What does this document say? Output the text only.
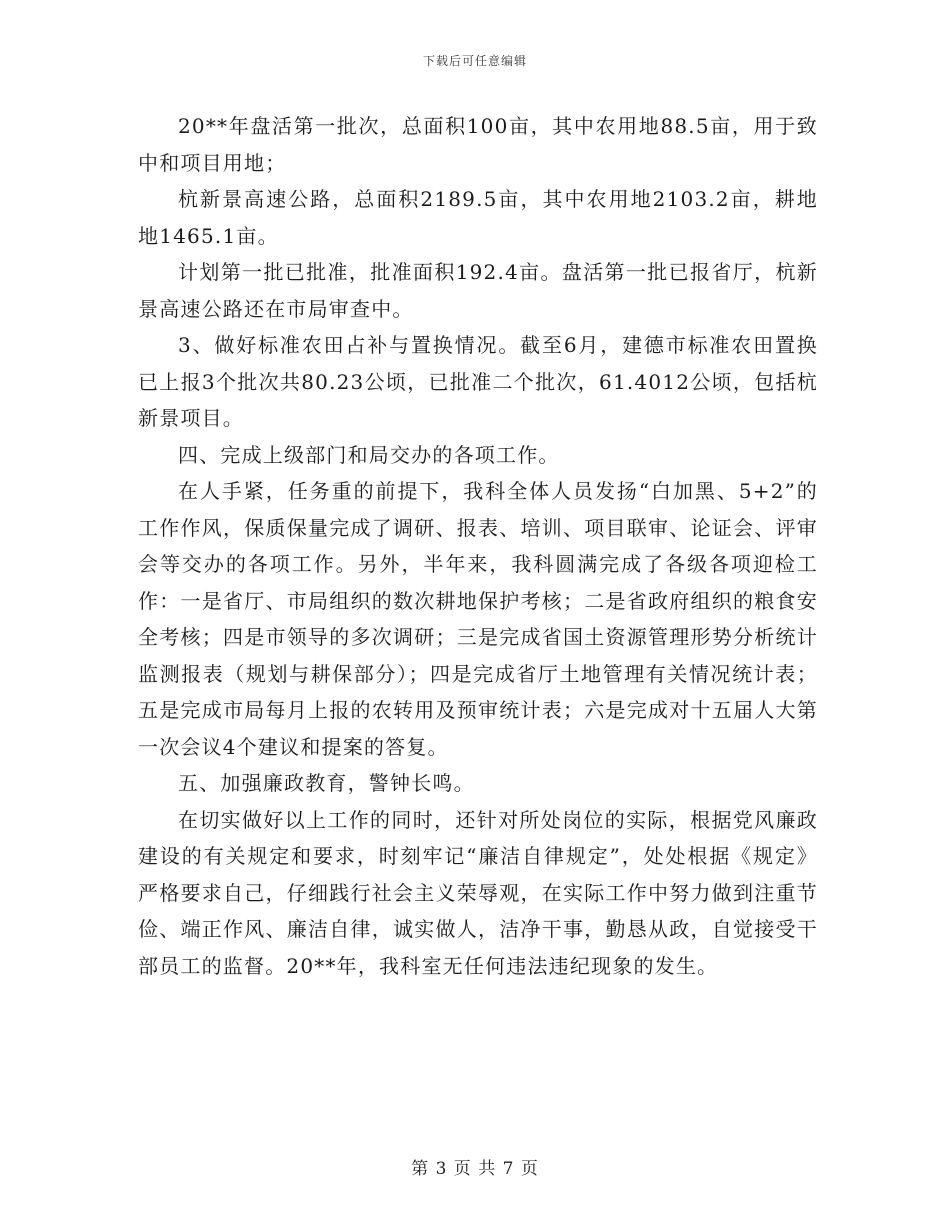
下载后可任意编辑

20**年盘活第一批次，总面积100亩，其中农用地88.5亩，用于致中和项目用地；

杭新景高速公路，总面积2189.5亩，其中农用地2103.2亩，耕地地1465.1亩。

计划第一批已批准，批准面积192.4亩。盘活第一批已报省厅，杭新景高速公路还在市局审查中。

3、做好标准农田占补与置换情况。截至6月，建德市标准农田置换已上报3个批次共80.23公顷，已批准二个批次，61.4012公顷，包括杭新景项目。

四、完成上级部门和局交办的各项工作。

在人手紧，任务重的前提下，我科全体人员发扬“白加黑、5+2”的工作作风，保质保量完成了调研、报表、培训、项目联审、论证会、评审会等交办的各项工作。另外，半年来，我科圆满完成了各级各项迎检工作：一是省厅、市局组织的数次耕地保护考核；二是省政府组织的粮食安全考核；四是市领导的多次调研；三是完成省国土资源管理形势分析统计监测报表（规划与耕保部分）；四是完成省厅土地管理有关情况统计表；五是完成市局每月上报的农转用及预审统计表；六是完成对十五届人大第一次会议4个建议和提案的答复。

五、加强廉政教育，警钟长鸣。

在切实做好以上工作的同时，还针对所处岗位的实际，根据党风廉政建设的有关规定和要求，时刻牢记“廉洁自律规定”，处处根据《规定》严格要求自己，仔细践行社会主义荣辱观，在实际工作中努力做到注重节俭、端正作风、廉洁自律，诚实做人，洁净干事，勤恳从政，自觉接受干部员工的监督。20**年，我科室无任何违法违纪现象的发生。

第 3 页 共 7 页
